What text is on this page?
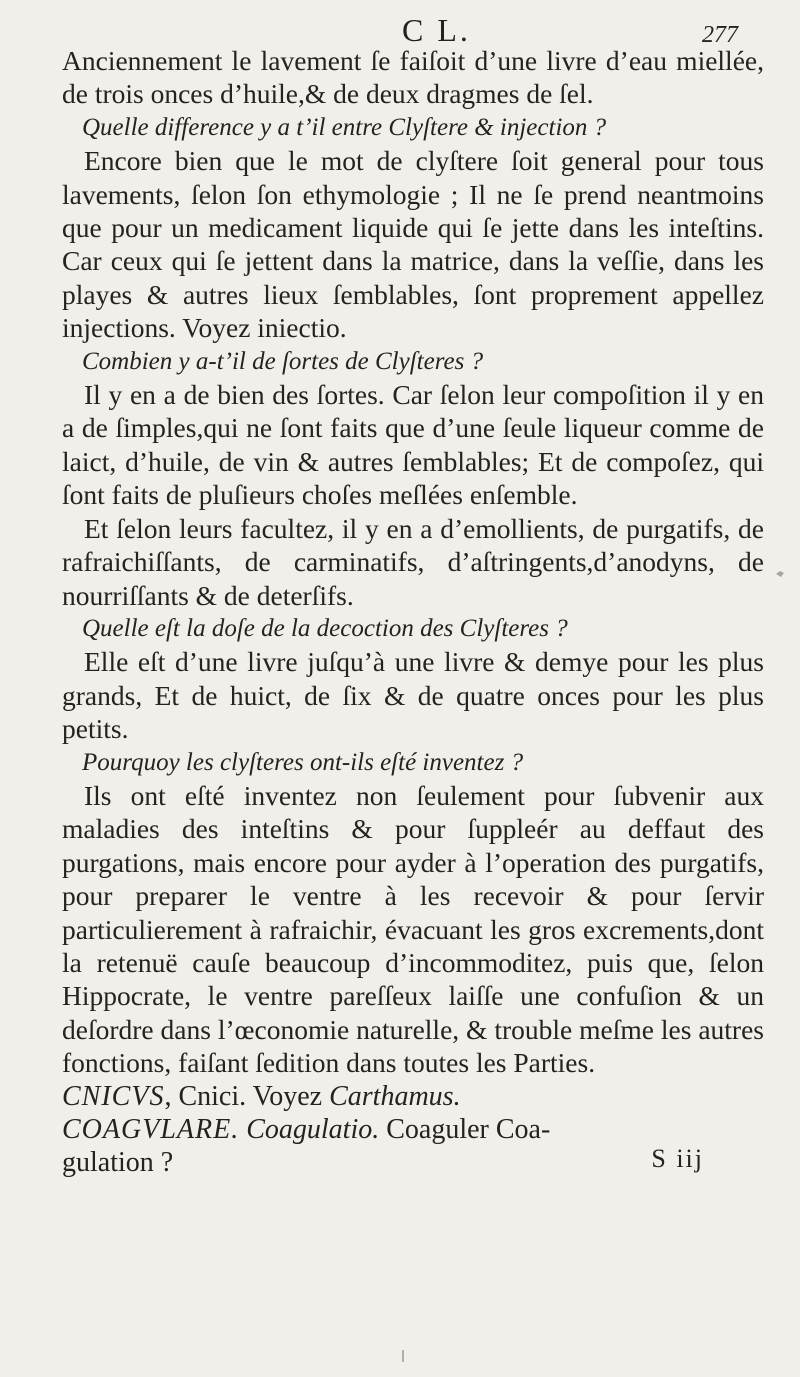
C L.	277

Anciennement le lavement ſe faiſoit d’une livre d’eau miellée, de trois onces d’huile,& de deux dragmes de ſel.

Quelle difference y a t’il entre Clyſtere & injection ?

Encore bien que le mot de clyſtere ſoit general pour tous lavements, ſelon ſon ethymologie ; Il ne ſe prend neantmoins que pour un medicament liquide qui ſe jette dans les inteſtins. Car ceux qui ſe jettent dans la matrice, dans la veſſie, dans les playes & autres lieux ſemblables, ſont proprement appellez injections. Voyez iniectio.

Combien y a-t’il de ſortes de Clyſteres ?

Il y en a de bien des ſortes. Car ſelon leur compoſition il y en a de ſimples,qui ne ſont faits que d’une ſeule liqueur comme de laict, d’huile, de vin & autres ſemblables; Et de compoſez, qui ſont faits de pluſieurs choſes meſlées enſemble.

Et ſelon leurs facultez, il y en a d’emollients, de purgatifs, de rafraichiſſants, de carminatifs, d’aſtringents,d’anodyns, de nourriſſants & de deterſifs.

Quelle eſt la doſe de la decoction des Clyſteres ?

Elle eſt d’une livre juſqu’à une livre & demye pour les plus grands, Et de huict, de ſix & de quatre onces pour les plus petits.

Pourquoy les clyſteres ont-ils eſté inventez ?

Ils ont eſté inventez non ſeulement pour ſubvenir aux maladies des inteſtins & pour ſuppleér au deffaut des purgations, mais encore pour ayder à l’operation des purgatifs, pour preparer le ventre à les recevoir & pour ſervir particulierement à rafraichir, évacuant les gros excrements,dont la retenuë cauſe beaucoup d’incommoditez, puis que, ſelon Hippocrate, le ventre pareſſeux laiſſe une confuſion & un deſordre dans l’œconomie naturelle, & trouble meſme les autres fonctions, faiſant ſedition dans toutes les Parties.

CNICVS, Cnici. Voyez Carthamus.

COAGVLARE. Coagulatio. Coaguler Coa-

gulation ?	S iij
